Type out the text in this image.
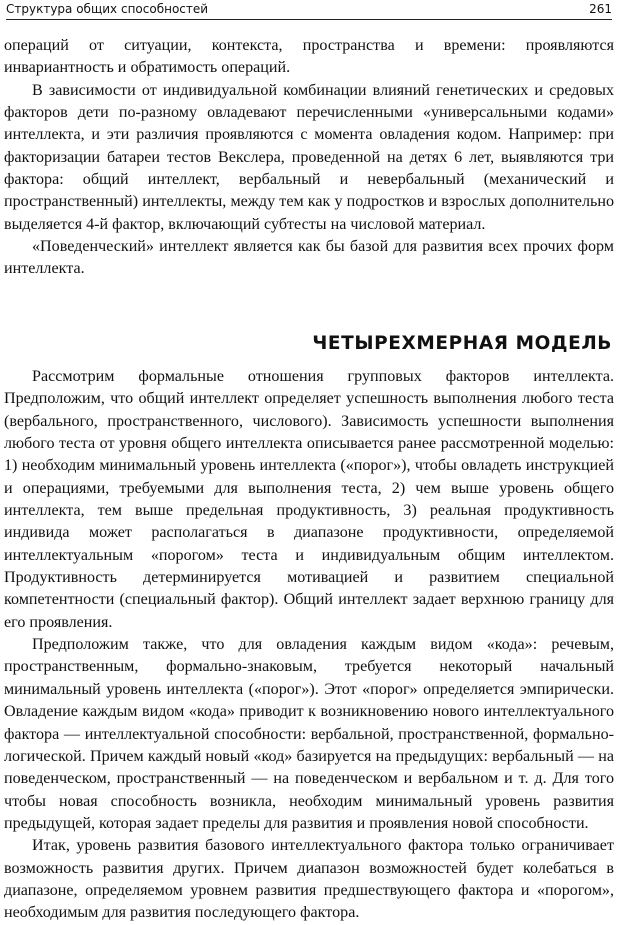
Структура общих способностей	261

операций от ситуации, контекста, пространства и времени: проявляются инвариантность и обратимость операций.

В зависимости от индивидуальной комбинации влияний генетических и средовых факторов дети по-разному овладевают перечисленными «универсальными кодами» интеллекта, и эти различия проявляются с момента овладения кодом. Например: при факторизации батареи тестов Векслера, проведенной на детях 6 лет, выявляются три фактора: общий интеллект, вербальный и невербальный (механический и пространственный) интеллекты, между тем как у подростков и взрослых дополнительно выделяется 4-й фактор, включающий субтесты на числовой материал.

«Поведенческий» интеллект является как бы базой для развития всех прочих форм интеллекта.

ЧЕТЫРЕХМЕРНАЯ МОДЕЛЬ

Рассмотрим формальные отношения групповых факторов интеллекта. Предположим, что общий интеллект определяет успешность выполнения любого теста (вербального, пространственного, числового). Зависимость успешности выполнения любого теста от уровня общего интеллекта описывается ранее рассмотренной моделью: 1) необходим минимальный уровень интеллекта («порог»), чтобы овладеть инструкцией и операциями, требуемыми для выполнения теста, 2) чем выше уровень общего интеллекта, тем выше предельная продуктивность, 3) реальная продуктивность индивида может располагаться в диапазоне продуктивности, определяемой интеллектуальным «порогом» теста и индивидуальным общим интеллектом. Продуктивность детерминируется мотивацией и развитием специальной компетентности (специальный фактор). Общий интеллект задает верхнюю границу для его проявления.

Предположим также, что для овладения каждым видом «кода»: речевым, пространственным, формально-знаковым, требуется некоторый начальный минимальный уровень интеллекта («порог»). Этот «порог» определяется эмпирически. Овладение каждым видом «кода» приводит к возникновению нового интеллектуального фактора — интеллектуальной способности: вербальной, пространственной, формально-логической. Причем каждый новый «код» базируется на предыдущих: вербальный — на поведенческом, пространственный — на поведенческом и вербальном и т. д. Для того чтобы новая способность возникла, необходим минимальный уровень развития предыдущей, которая задает пределы для развития и проявления новой способности.

Итак, уровень развития базового интеллектуального фактора только ограничивает возможность развития других. Причем диапазон возможностей будет колебаться в диапазоне, определяемом уровнем развития предшествующего фактора и «порогом», необходимым для развития последующего фактора.
